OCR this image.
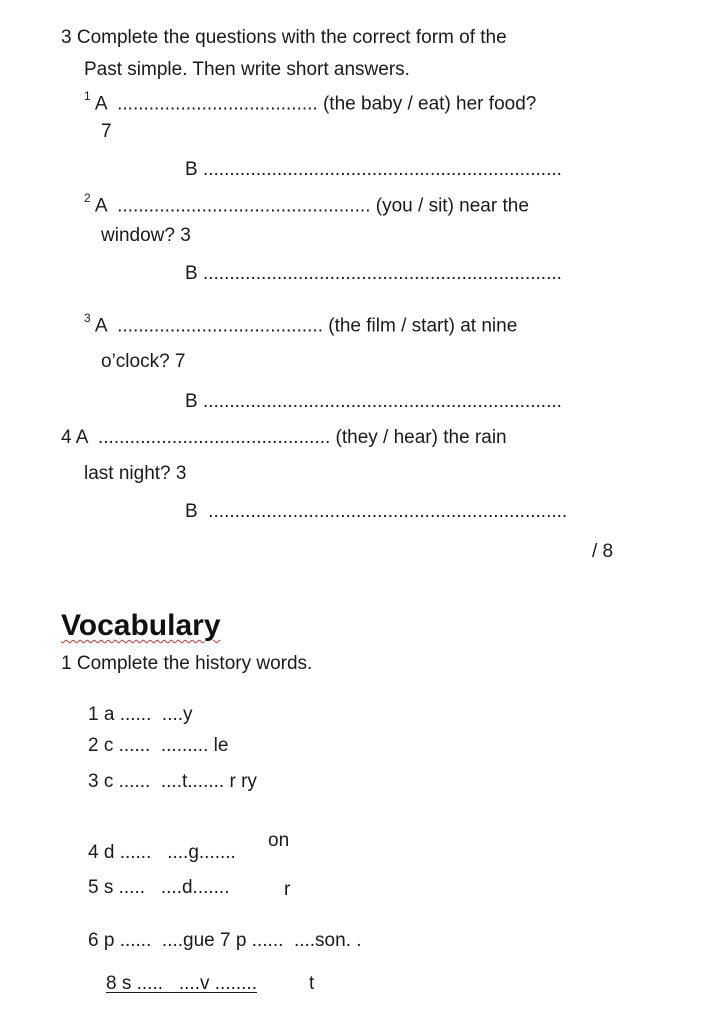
3 Complete the questions with the correct form of the
Past simple. Then write short answers.
$^1$ A  ...................................... (the baby / eat) her food?
7
B ....................................................................
$^2$ A  ................................................ (you / sit) near the
window? 3
B ....................................................................
$^3$ A  ....................................... (the film / start) at nine
o’clock? 7
B ....................................................................
4 A  ............................................ (they / hear) the rain
last night? 3
B  ....................................................................
/ 8
Vocabulary
1 Complete the history words.
1 a ......  ....y
2 c ......  ......... le
3 c ......  ....t....... r ry
on
4 d ......   ....g.......
5 s .....   ....d.......	r
6 p ......  ....gue 7 p ......  ....son. .
8 s .....   ....v ........	t
